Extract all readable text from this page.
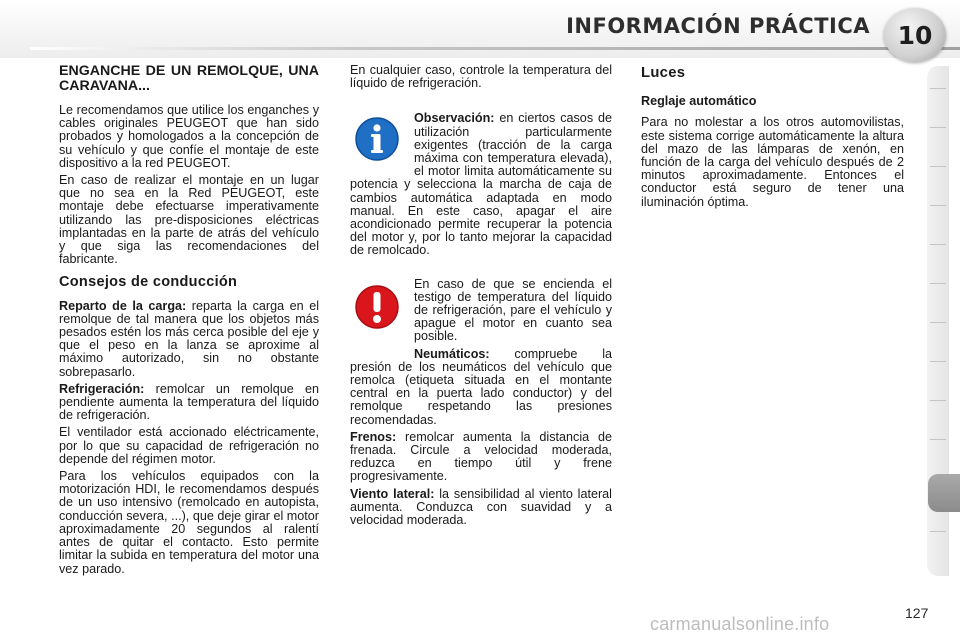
INFORMACIÓN PRÁCTICA 10
ENGANCHE DE UN REMOLQUE, UNA CARAVANA...

Le recomendamos que utilice los enganches y cables originales PEUGEOT que han sido probados y homologados a la concepción de su vehículo y que confíe el montaje de este dispositivo a la red PEUGEOT.

En caso de realizar el montaje en un lugar que no sea en la Red PEUGEOT, este montaje debe efectuarse imperativamente utilizando las pre-disposiciones eléctricas implantadas en la parte de atrás del vehículo y que siga las recomendaciones del fabricante.

Consejos de conducción

Reparto de la carga: reparta la carga en el remolque de tal manera que los objetos más pesados estén los más cerca posible del eje y que el peso en la lanza se aproxime al máximo autorizado, sin no obstante sobrepasarlo.

Refrigeración: remolcar un remolque en pendiente aumenta la temperatura del líquido de refrigeración.

El ventilador está accionado eléctricamente, por lo que su capacidad de refrigeración no depende del régimen motor.

Para los vehículos equipados con la motorización HDI, le recomendamos después de un uso intensivo (remolcado en autopista, conducción severa, ...), que deje girar el motor aproximadamente 20 segundos al ralentí antes de quitar el contacto. Esto permite limitar la subida en temperatura del motor una vez parado.

En cualquier caso, controle la temperatura del líquido de refrigeración.

Observación: en ciertos casos de utilización particularmente exigentes (tracción de la carga máxima con temperatura elevada), el motor limita automáticamente su potencia y selecciona la marcha de caja de cambios automática adaptada en modo manual. En este caso, apagar el aire acondicionado permite recuperar la potencia del motor y, por lo tanto mejorar la capacidad de remolcado.

En caso de que se encienda el testigo de temperatura del líquido de refrigeración, pare el vehículo y apague el motor en cuanto sea posible.

Neumáticos: compruebe la presión de los neumáticos del vehículo que remolca (etiqueta situada en el montante central en la puerta lado conductor) y del remolque respetando las presiones recomendadas.

Frenos: remolcar aumenta la distancia de frenada. Circule a velocidad moderada, reduzca en tiempo útil y frene progresivamente.

Viento lateral: la sensibilidad al viento lateral aumenta. Conduzca con suavidad y a velocidad moderada.

Luces
Reglaje automático

Para no molestar a los otros automovilistas, este sistema corrige automáticamente la altura del mazo de las lámparas de xenón, en función de la carga del vehículo después de 2 minutos aproximadamente. Entonces el conductor está seguro de tener una iluminación óptima.

127
carmanualsonline.info
